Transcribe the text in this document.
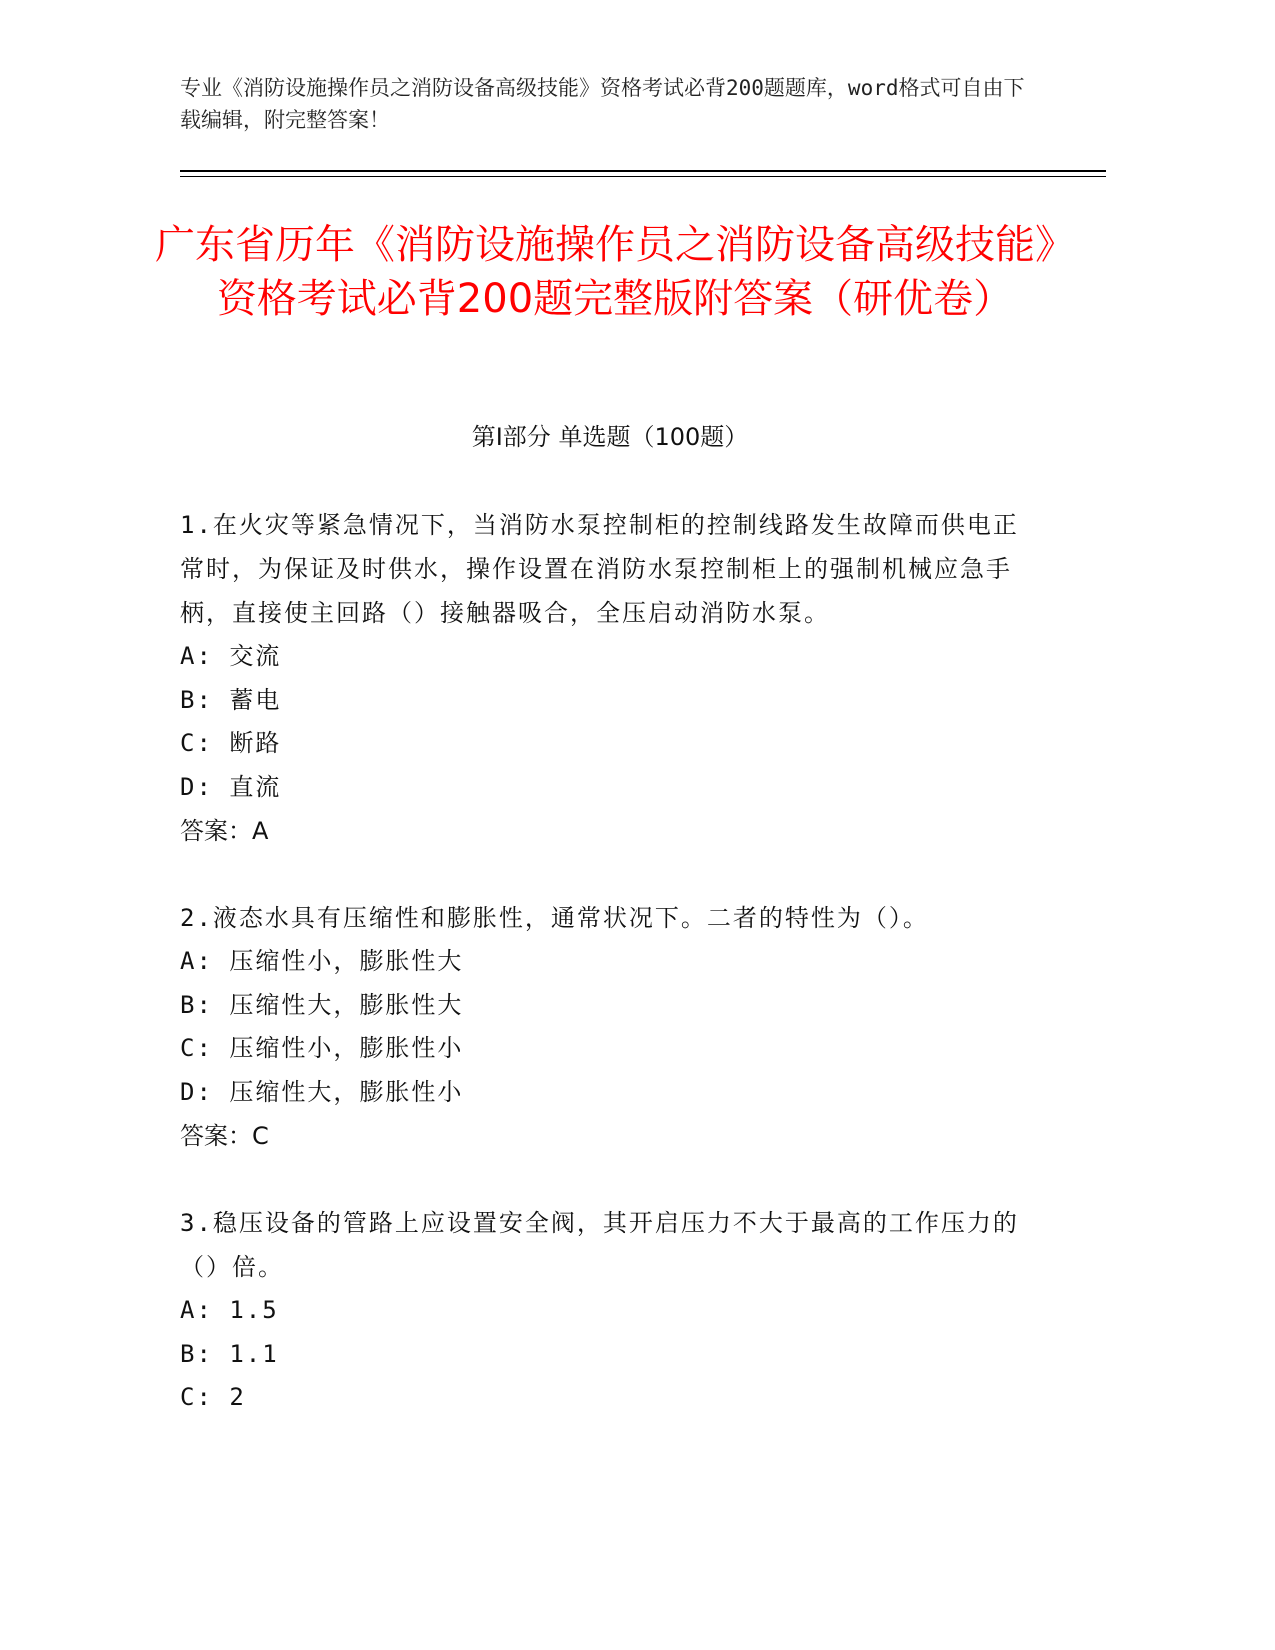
专业《消防设施操作员之消防设备高级技能》资格考试必背200题题库，word格式可自由下载编辑，附完整答案！
广东省历年《消防设施操作员之消防设备高级技能》资格考试必背200题完整版附答案（研优卷）
第Ⅰ部分 单选题（100题）

1.在火灾等紧急情况下，当消防水泵控制柜的控制线路发生故障而供电正常时，为保证及时供水，操作设置在消防水泵控制柜上的强制机械应急手柄，直接使主回路（）接触器吸合，全压启动消防水泵。

A: 交流

B: 蓄电

C: 断路

D: 直流

答案：A

2.液态水具有压缩性和膨胀性，通常状况下。二者的特性为（）。

A: 压缩性小，膨胀性大

B: 压缩性大，膨胀性大

C: 压缩性小，膨胀性小

D: 压缩性大，膨胀性小

答案：C

3.稳压设备的管路上应设置安全阀，其开启压力不大于最高的工作压力的（）倍。

A: 1.5

B: 1.1

C: 2
